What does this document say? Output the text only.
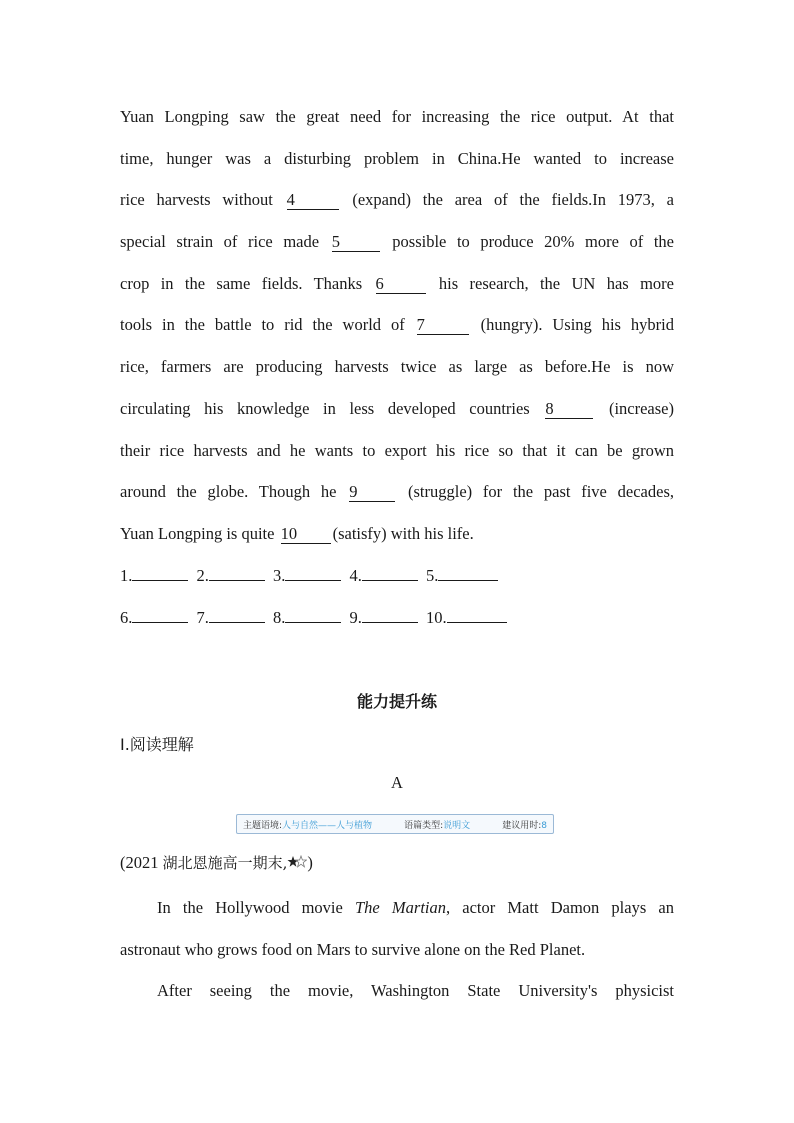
Yuan Longping saw the great need for increasing the rice output. At that
time, hunger was a disturbing problem in China.He wanted to increase
rice harvests without 4	(expand) the area of the fields.In 1973, a
special strain of rice made 5	possible to produce 20% more of the
crop in the same fields. Thanks 6	his research, the UN has more
tools in the battle to rid the world of 7	(hungry). Using his hybrid
rice, farmers are producing harvests twice as large as before.He is now
circulating his knowledge in less developed countries 8	(increase)
their rice harvests and he wants to export his rice so that it can be grown
around the globe. Though he 9 (struggle) for the past five decades,
Yuan Longping is quite 10 (satisfy) with his life.
1.	2.	3.	4.	5.
6.	7.	8.	9.	10.
能力提升练
Ⅰ.阅读理解
A
主题语境:人与自然——人与植物	语篇类型:说明文	建议用时:8
(2021 湖北恩施高一期末, )
In the Hollywood movie The Martian, actor Matt Damon plays an
astronaut who grows food on Mars to survive alone on the Red Planet.
After seeing the movie, Washington State University's physicist
